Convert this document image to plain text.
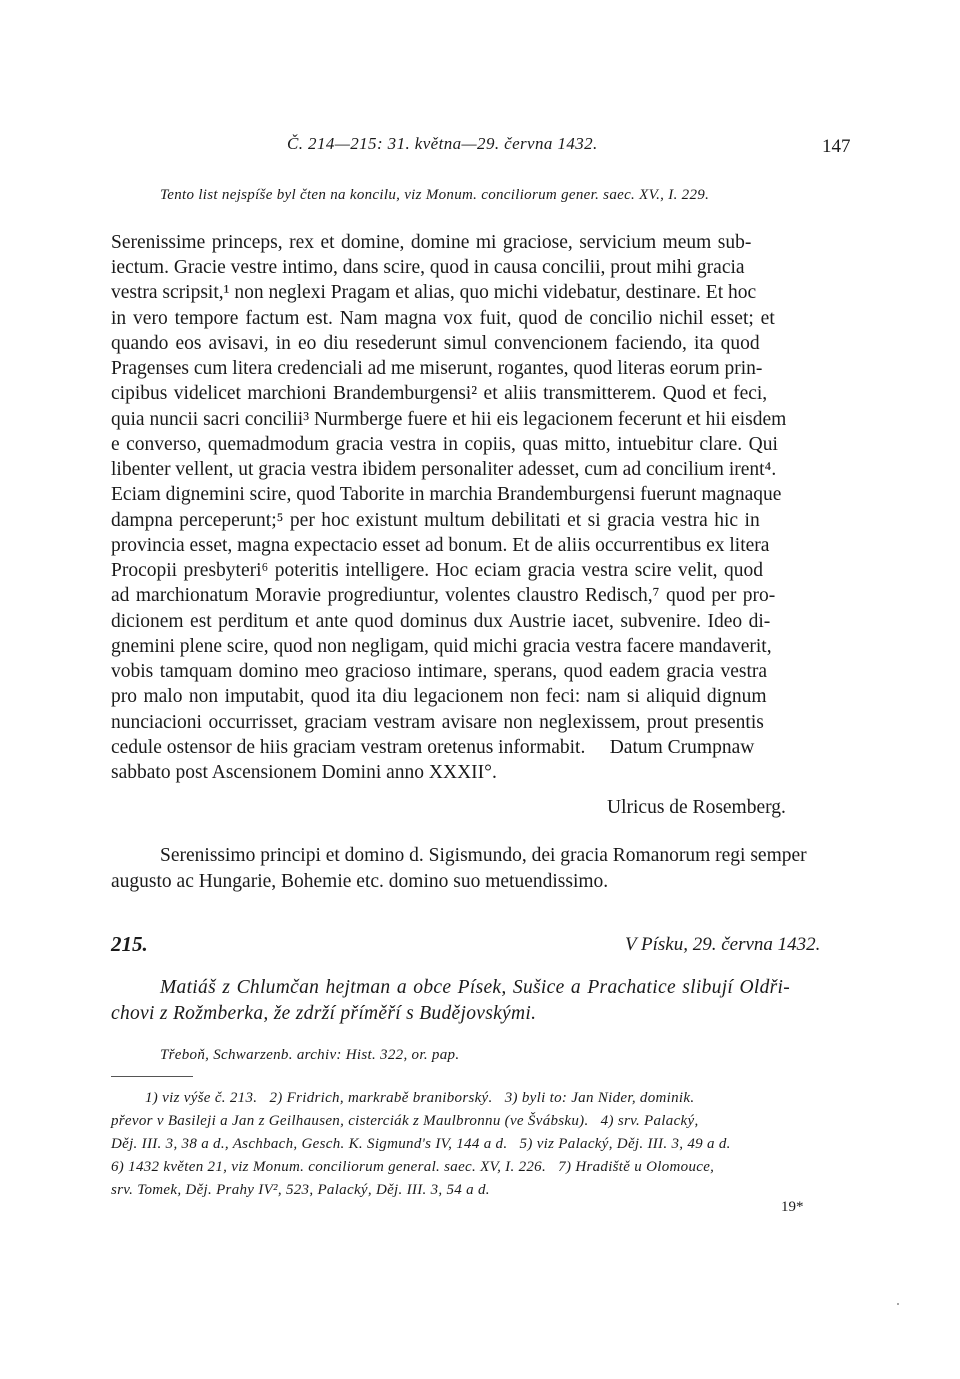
Č. 214—215: 31. května—29. června 1432.	147
Tento list nejspíše byl čten na koncilu, viz Monum. conciliorum gener. saec. XV., I. 229.
Serenissime princeps, rex et domine, domine mi graciose, servicium meum sub-
iectum. Gracie vestre intimo, dans scire, quod in causa concilii, prout mihi gracia
vestra scripsit,¹ non neglexi Pragam et alias, quo michi videbatur, destinare. Et hoc
in vero tempore factum est. Nam magna vox fuit, quod de concilio nichil esset; et
quando eos avisavi, in eo diu resederunt simul convencionem faciendo, ita quod
Pragenses cum litera credenciali ad me miserunt, rogantes, quod literas eorum prin-
cipibus videlicet marchioni Brandemburgensi² et aliis transmitterem. Quod et feci,
quia nuncii sacri concilii³ Nurmberge fuere et hii eis legacionem fecerunt et hii eisdem
e converso, quemadmodum gracia vestra in copiis, quas mitto, intuebitur clare. Qui
libenter vellent, ut gracia vestra ibidem personaliter adesset, cum ad concilium irent⁴.
Eciam dignemini scire, quod Taborite in marchia Brandemburgensi fuerunt magnaque
dampna perceperunt;⁵ per hoc existunt multum debilitati et si gracia vestra hic in
provincia esset, magna expectacio esset ad bonum. Et de aliis occurrentibus ex litera
Procopii presbyteri⁶ poteritis intelligere. Hoc eciam gracia vestra scire velit, quod
ad marchionatum Moravie progrediuntur, volentes claustro Redisch,⁷ quod per pro-
dicionem est perditum et ante quod dominus dux Austrie iacet, subvenire. Ideo di-
gnemini plene scire, quod non negligam, quid michi gracia vestra facere mandaverit,
vobis tamquam domino meo gracioso intimare, sperans, quod eadem gracia vestra
pro malo non imputabit, quod ita diu legacionem non feci: nam si aliquid dignum
nunciacioni occurrisset, graciam vestram avisare non neglexissem, prout presentis
cedule ostensor de hiis graciam vestram oretenus informabit.     Datum Crumpnaw
sabbato post Ascensionem Domini anno XXXII°.
Ulricus de Rosemberg.
Serenissimo principi et domino d. Sigismundo, dei gracia Romanorum regi semper
augusto ac Hungarie, Bohemie etc. domino suo metuendissimo.
215.	V Písku, 29. června 1432.
Matiáš z Chlumčan hejtman a obce Písek, Sušice a Prachatice slibují Oldři-
chovi z Rožmberka, že zdrží příměří s Budějovskými.
Třeboň, Schwarzenb. archiv: Hist. 322, or. pap.
1) viz výše č. 213.   2) Fridrich, markrabě braniborský.   3) byli to: Jan Nider, dominik.
převor v Basileji a Jan z Geilhausen, cisterciák z Maulbronnu (ve Švábsku).   4) srv. Palacký,
Děj. III. 3, 38 a d., Aschbach, Gesch. K. Sigmund's IV, 144 a d.   5) viz Palacký, Děj. III. 3, 49 a d.
6) 1432 květen 21, viz Monum. conciliorum general. saec. XV, I. 226.   7) Hradiště u Olomouce,
srv. Tomek, Děj. Prahy IV², 523, Palacký, Děj. III. 3, 54 a d.
19*
